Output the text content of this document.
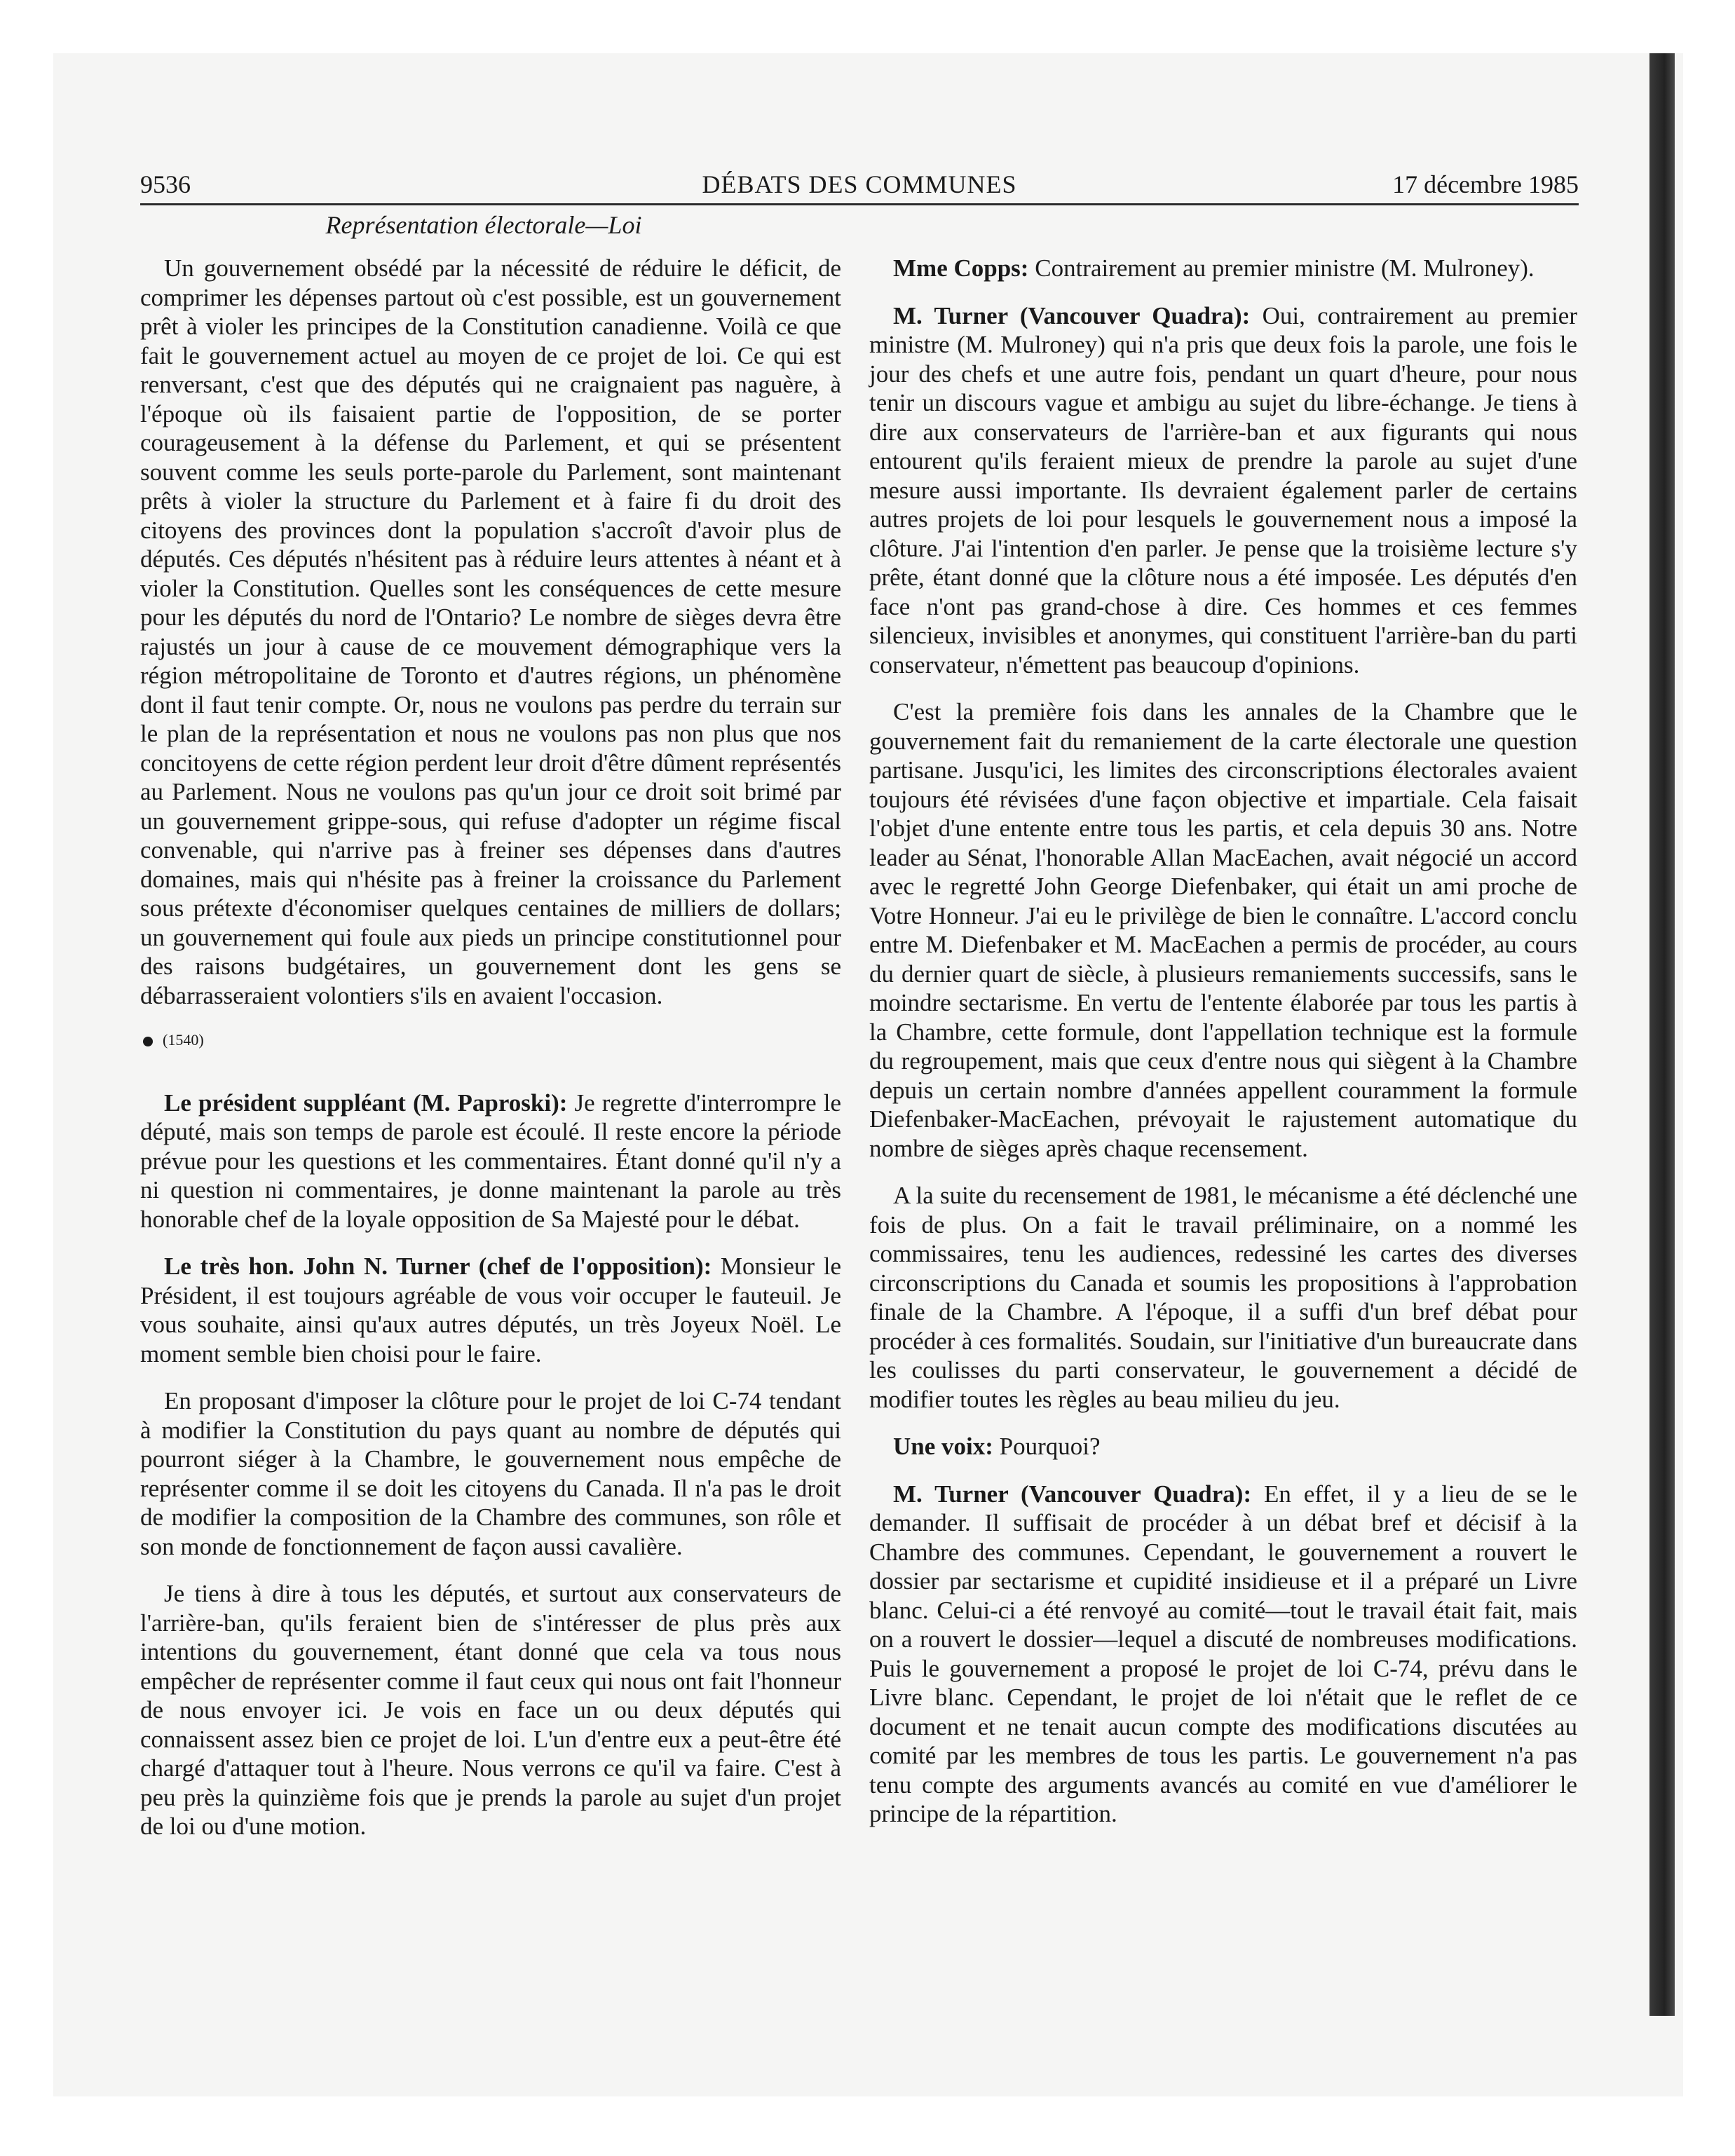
9536	DÉBATS DES COMMUNES	17 décembre 1985
Représentation électorale—Loi

Un gouvernement obsédé par la nécessité de réduire le déficit, de comprimer les dépenses partout où c'est possible, est un gouvernement prêt à violer les principes de la Constitution canadienne. Voilà ce que fait le gouvernement actuel au moyen de ce projet de loi. Ce qui est renversant, c'est que des députés qui ne craignaient pas naguère, à l'époque où ils faisaient partie de l'opposition, de se porter courageusement à la défense du Parlement, et qui se présentent souvent comme les seuls porte-parole du Parlement, sont maintenant prêts à violer la structure du Parlement et à faire fi du droit des citoyens des provinces dont la population s'accroît d'avoir plus de députés. Ces députés n'hésitent pas à réduire leurs attentes à néant et à violer la Constitution. Quelles sont les conséquences de cette mesure pour les députés du nord de l'Ontario? Le nombre de sièges devra être rajustés un jour à cause de ce mouvement démographique vers la région métropolitaine de Toronto et d'autres régions, un phénomène dont il faut tenir compte. Or, nous ne voulons pas perdre du terrain sur le plan de la représentation et nous ne voulons pas non plus que nos concitoyens de cette région perdent leur droit d'être dûment représentés au Parlement. Nous ne voulons pas qu'un jour ce droit soit brimé par un gouvernement grippe-sous, qui refuse d'adopter un régime fiscal convenable, qui n'arrive pas à freiner ses dépenses dans d'autres domaines, mais qui n'hésite pas à freiner la croissance du Parlement sous prétexte d'économiser quelques centaines de milliers de dollars; un gouvernement qui foule aux pieds un principe constitutionnel pour des raisons budgétaires, un gouvernement dont les gens se débarrasseraient volontiers s'ils en avaient l'occasion.

(1540)

Le président suppléant (M. Paproski): Je regrette d'interrompre le député, mais son temps de parole est écoulé. Il reste encore la période prévue pour les questions et les commentaires. Étant donné qu'il n'y a ni question ni commentaires, je donne maintenant la parole au très honorable chef de la loyale opposition de Sa Majesté pour le débat.

Le très hon. John N. Turner (chef de l'opposition): Monsieur le Président, il est toujours agréable de vous voir occuper le fauteuil. Je vous souhaite, ainsi qu'aux autres députés, un très Joyeux Noël. Le moment semble bien choisi pour le faire.

En proposant d'imposer la clôture pour le projet de loi C-74 tendant à modifier la Constitution du pays quant au nombre de députés qui pourront siéger à la Chambre, le gouvernement nous empêche de représenter comme il se doit les citoyens du Canada. Il n'a pas le droit de modifier la composition de la Chambre des communes, son rôle et son monde de fonctionnement de façon aussi cavalière.

Je tiens à dire à tous les députés, et surtout aux conservateurs de l'arrière-ban, qu'ils feraient bien de s'intéresser de plus près aux intentions du gouvernement, étant donné que cela va tous nous empêcher de représenter comme il faut ceux qui nous ont fait l'honneur de nous envoyer ici. Je vois en face un ou deux députés qui connaissent assez bien ce projet de loi. L'un d'entre eux a peut-être été chargé d'attaquer tout à l'heure. Nous verrons ce qu'il va faire. C'est à peu près la quinzième fois que je prends la parole au sujet d'un projet de loi ou d'une motion.

Mme Copps: Contrairement au premier ministre (M. Mulroney).

M. Turner (Vancouver Quadra): Oui, contrairement au premier ministre (M. Mulroney) qui n'a pris que deux fois la parole, une fois le jour des chefs et une autre fois, pendant un quart d'heure, pour nous tenir un discours vague et ambigu au sujet du libre-échange. Je tiens à dire aux conservateurs de l'arrière-ban et aux figurants qui nous entourent qu'ils feraient mieux de prendre la parole au sujet d'une mesure aussi importante. Ils devraient également parler de certains autres projets de loi pour lesquels le gouvernement nous a imposé la clôture. J'ai l'intention d'en parler. Je pense que la troisième lecture s'y prête, étant donné que la clôture nous a été imposée. Les députés d'en face n'ont pas grand-chose à dire. Ces hommes et ces femmes silencieux, invisibles et anonymes, qui constituent l'arrière-ban du parti conservateur, n'émettent pas beaucoup d'opinions.

C'est la première fois dans les annales de la Chambre que le gouvernement fait du remaniement de la carte électorale une question partisane. Jusqu'ici, les limites des circonscriptions électorales avaient toujours été révisées d'une façon objective et impartiale. Cela faisait l'objet d'une entente entre tous les partis, et cela depuis 30 ans. Notre leader au Sénat, l'honorable Allan MacEachen, avait négocié un accord avec le regretté John George Diefenbaker, qui était un ami proche de Votre Honneur. J'ai eu le privilège de bien le connaître. L'accord conclu entre M. Diefenbaker et M. MacEachen a permis de procéder, au cours du dernier quart de siècle, à plusieurs remaniements successifs, sans le moindre sectarisme. En vertu de l'entente élaborée par tous les partis à la Chambre, cette formule, dont l'appellation technique est la formule du regroupement, mais que ceux d'entre nous qui siègent à la Chambre depuis un certain nombre d'années appellent couramment la formule Diefenbaker-MacEachen, prévoyait le rajustement automatique du nombre de sièges après chaque recensement.

A la suite du recensement de 1981, le mécanisme a été déclenché une fois de plus. On a fait le travail préliminaire, on a nommé les commissaires, tenu les audiences, redessiné les cartes des diverses circonscriptions du Canada et soumis les propositions à l'approbation finale de la Chambre. A l'époque, il a suffi d'un bref débat pour procéder à ces formalités. Soudain, sur l'initiative d'un bureaucrate dans les coulisses du parti conservateur, le gouvernement a décidé de modifier toutes les règles au beau milieu du jeu.

Une voix: Pourquoi?

M. Turner (Vancouver Quadra): En effet, il y a lieu de se le demander. Il suffisait de procéder à un débat bref et décisif à la Chambre des communes. Cependant, le gouvernement a rouvert le dossier par sectarisme et cupidité insidieuse et il a préparé un Livre blanc. Celui-ci a été renvoyé au comité—tout le travail était fait, mais on a rouvert le dossier—lequel a discuté de nombreuses modifications. Puis le gouvernement a proposé le projet de loi C-74, prévu dans le Livre blanc. Cependant, le projet de loi n'était que le reflet de ce document et ne tenait aucun compte des modifications discutées au comité par les membres de tous les partis. Le gouvernement n'a pas tenu compte des arguments avancés au comité en vue d'améliorer le principe de la répartition.
